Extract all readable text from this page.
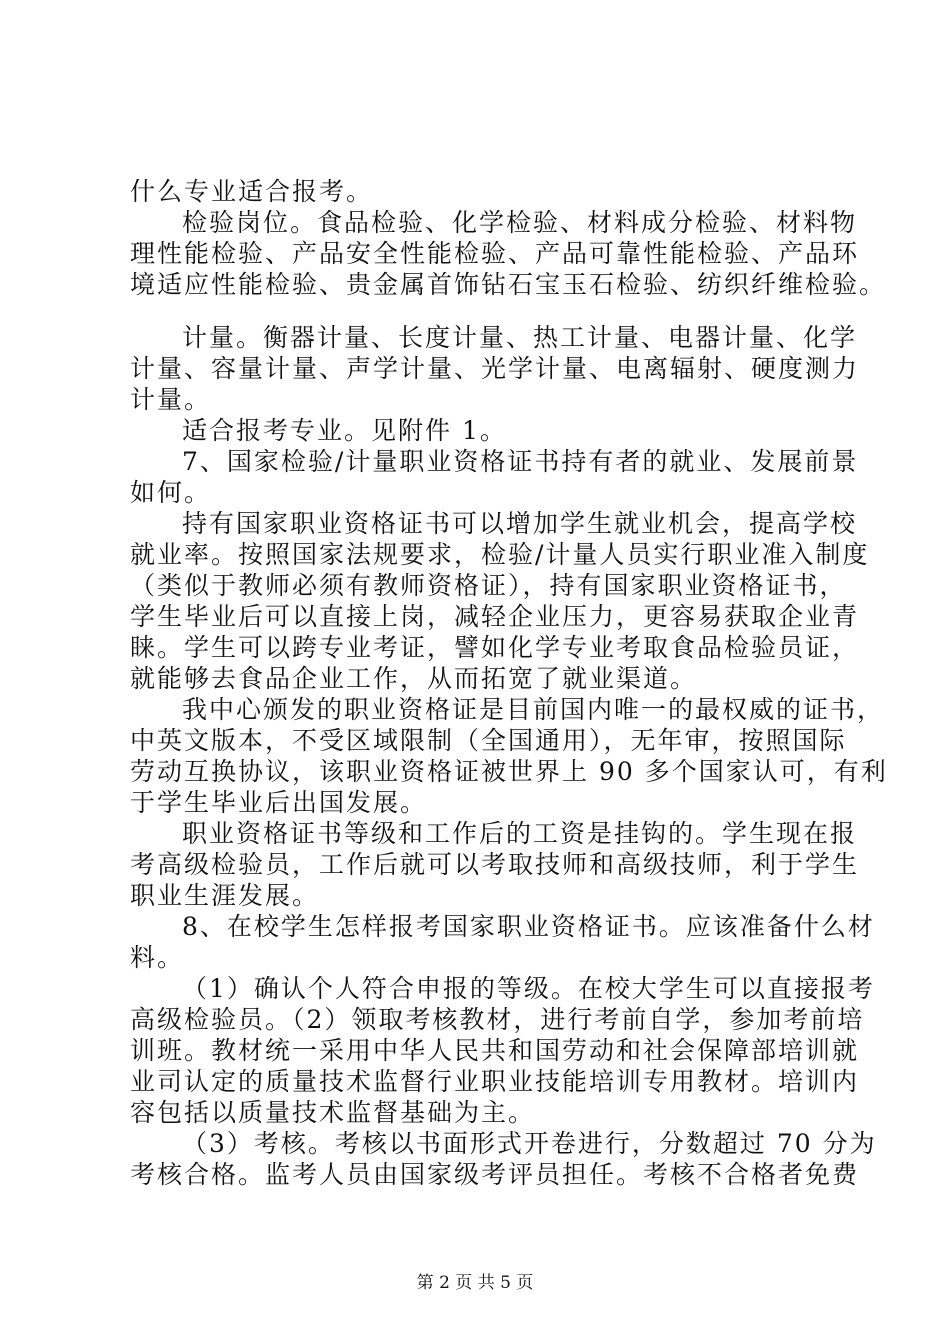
什么专业适合报考。
检验岗位。食品检验、化学检验、材料成分检验、材料物
理性能检验、产品安全性能检验、产品可靠性能检验、产品环
境适应性能检验、贵金属首饰钻石宝玉石检验、纺织纤维检验。
计量。衡器计量、长度计量、热工计量、电器计量、化学
计量、容量计量、声学计量、光学计量、电离辐射、硬度测力
计量。
适合报考专业。见附件 1。
7、国家检验/计量职业资格证书持有者的就业、发展前景
如何。
持有国家职业资格证书可以增加学生就业机会，提高学校
就业率。按照国家法规要求，检验/计量人员实行职业准入制度
（类似于教师必须有教师资格证），持有国家职业资格证书，
学生毕业后可以直接上岗，减轻企业压力，更容易获取企业青
睐。学生可以跨专业考证，譬如化学专业考取食品检验员证，
就能够去食品企业工作，从而拓宽了就业渠道。
我中心颁发的职业资格证是目前国内唯一的最权威的证书，
中英文版本，不受区域限制（全国通用），无年审，按照国际
劳动互换协议，该职业资格证被世界上 90 多个国家认可，有利
于学生毕业后出国发展。
职业资格证书等级和工作后的工资是挂钩的。学生现在报
考高级检验员，工作后就可以考取技师和高级技师，利于学生
职业生涯发展。
8、在校学生怎样报考国家职业资格证书。应该准备什么材
料。
（1）确认个人符合申报的等级。在校大学生可以直接报考
高级检验员。（2）领取考核教材，进行考前自学，参加考前培
训班。教材统一采用中华人民共和国劳动和社会保障部培训就
业司认定的质量技术监督行业职业技能培训专用教材。培训内
容包括以质量技术监督基础为主。
（3）考核。考核以书面形式开卷进行，分数超过 70 分为
考核合格。监考人员由国家级考评员担任。考核不合格者免费
第 2 页 共 5 页
